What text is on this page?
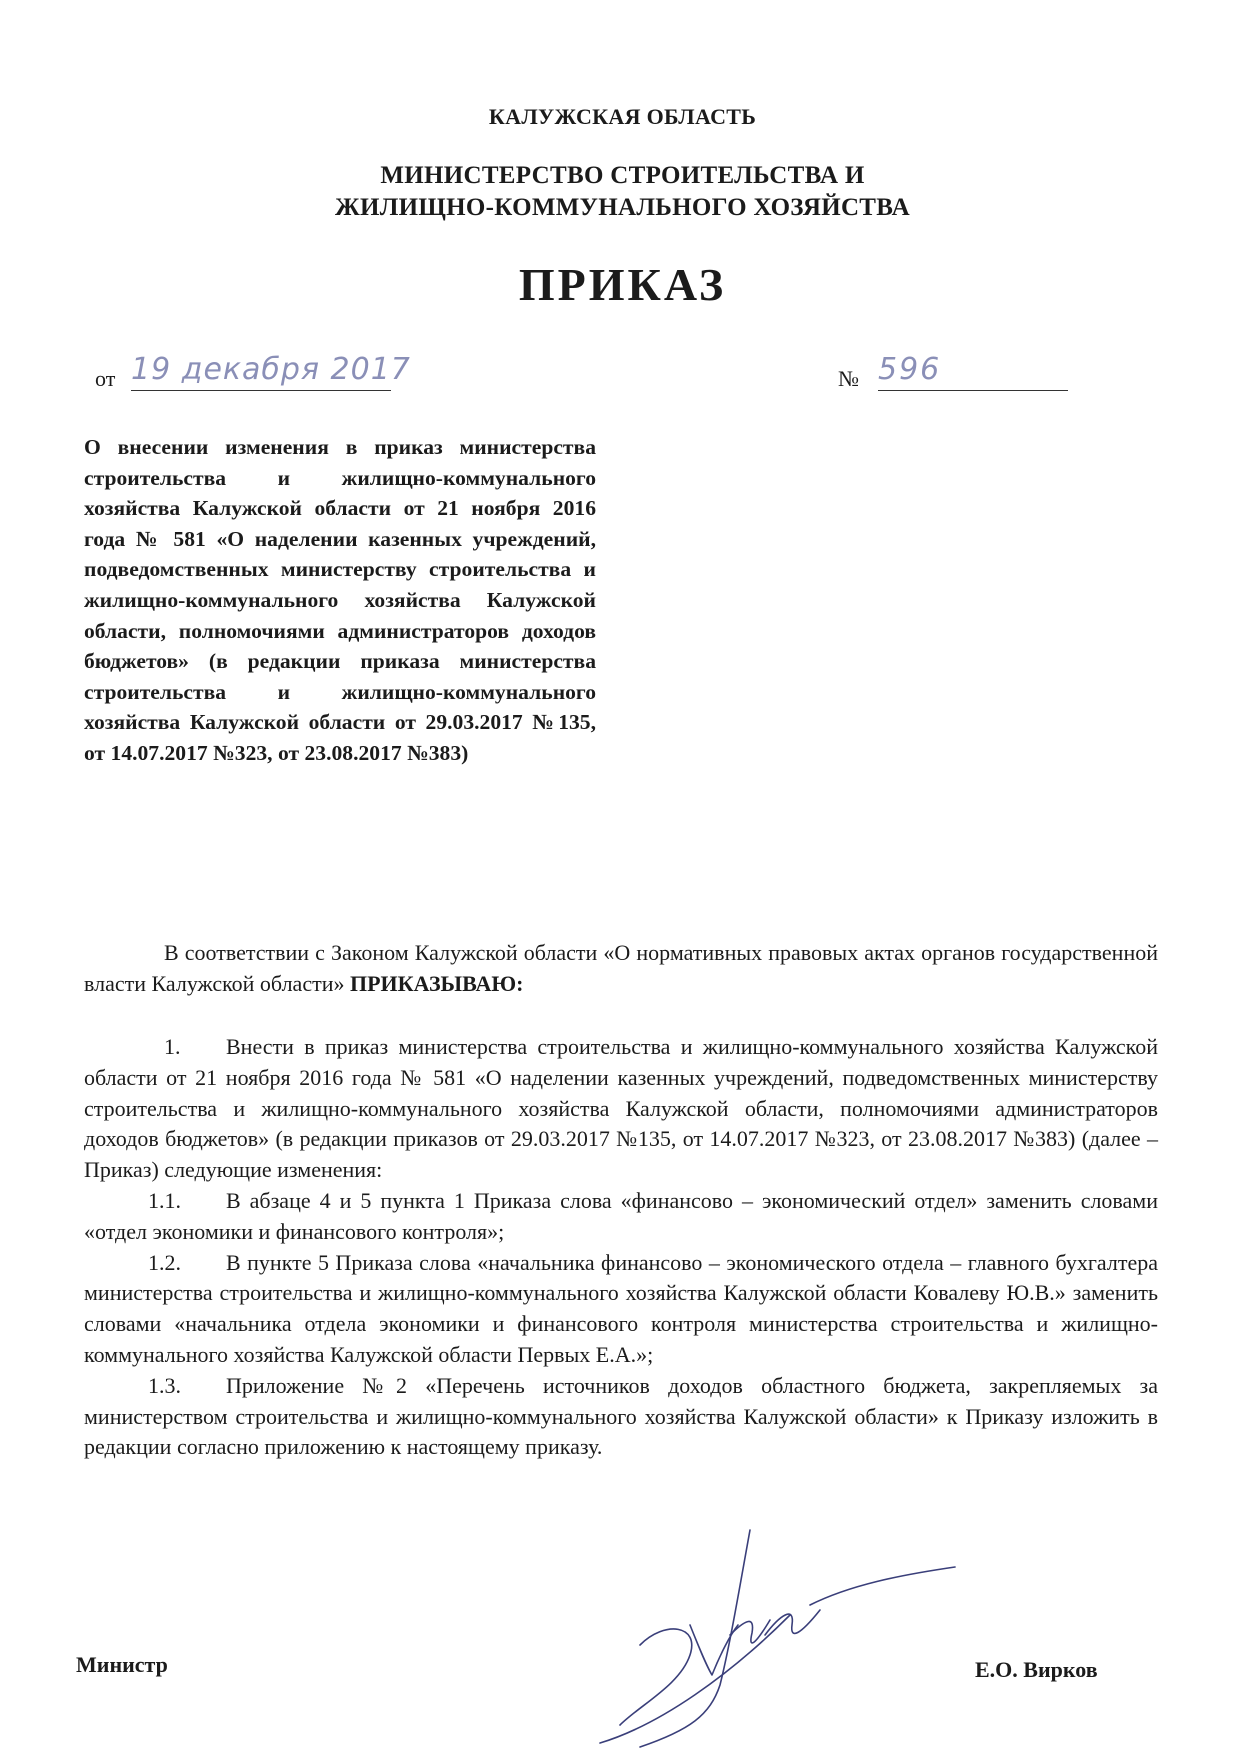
КАЛУЖСКАЯ ОБЛАСТЬ
МИНИСТЕРСТВО СТРОИТЕЛЬСТВА И
ЖИЛИЩНО-КОММУНАЛЬНОГО ХОЗЯЙСТВА
ПРИКАЗ
от 19 декабря 2017	№ 596
О внесении изменения в приказ министерства строительства и жилищно-коммунального хозяйства Калужской области от 21 ноября 2016 года № 581 «О наделении казенных учреждений, подведомственных министерству строительства и жилищно-коммунального хозяйства Калужской области, полномочиями администраторов доходов бюджетов» (в редакции приказа министерства строительства и жилищно-коммунального хозяйства Калужской области от 29.03.2017 №135, от 14.07.2017 №323, от 23.08.2017 №383)
В соответствии с Законом Калужской области «О нормативных правовых актах органов государственной власти Калужской области» ПРИКАЗЫВАЮ:

1. Внести в приказ министерства строительства и жилищно-коммунального хозяйства Калужской области от 21 ноября 2016 года № 581 «О наделении казенных учреждений, подведомственных министерству строительства и жилищно-коммунального хозяйства Калужской области, полномочиями администраторов доходов бюджетов» (в редакции приказов от 29.03.2017 №135, от 14.07.2017 №323, от 23.08.2017 №383) (далее – Приказ) следующие изменения:

1.1. В абзаце 4 и 5 пункта 1 Приказа слова «финансово – экономический отдел» заменить словами «отдел экономики и финансового контроля»;

1.2. В пункте 5 Приказа слова «начальника финансово – экономического отдела – главного бухгалтера министерства строительства и жилищно-коммунального хозяйства Калужской области Ковалеву Ю.В.» заменить словами «начальника отдела экономики и финансового контроля министерства строительства и жилищно-коммунального хозяйства Калужской области Первых Е.А.»;

1.3. Приложение №2 «Перечень источников доходов областного бюджета, закрепляемых за министерством строительства и жилищно-коммунального хозяйства Калужской области» к Приказу изложить в редакции согласно приложению к настоящему приказу.

Министр	Е.О. Вирков
